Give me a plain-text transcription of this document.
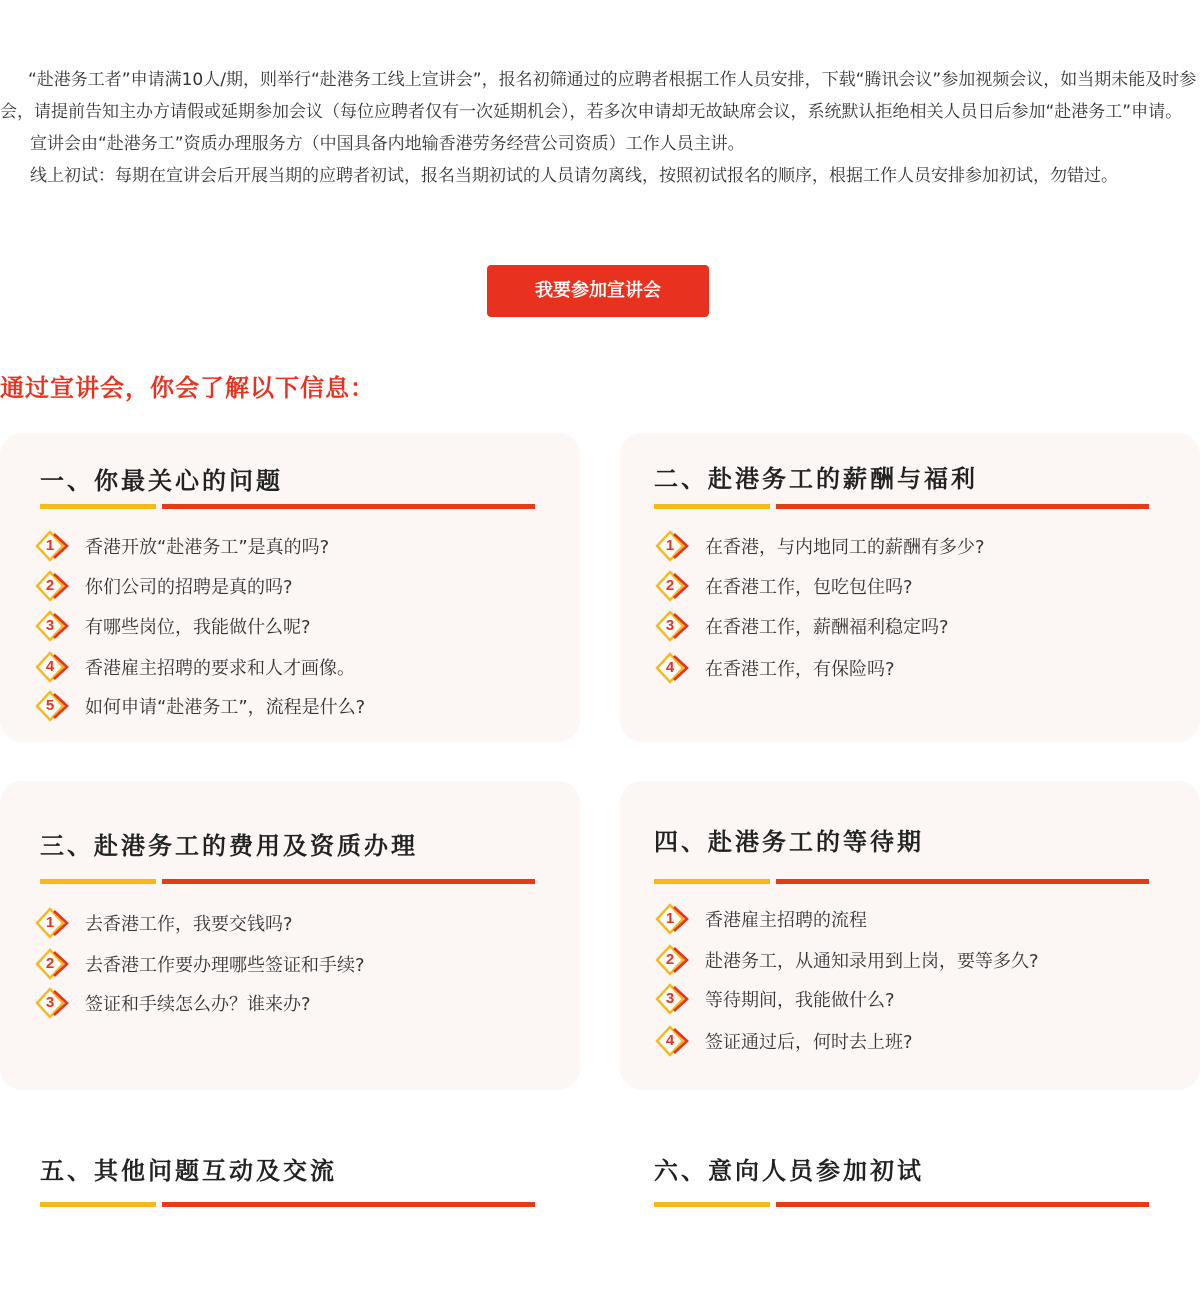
“赴港务工者”申请满10人/期，则举行“赴港务工线上宣讲会”，报名初筛通过的应聘者根据工作人员安排，下载“腾讯会议”参加视频会议，如当期未能及时参会，请提前告知主办方请假或延期参加会议（每位应聘者仅有一次延期机会），若多次申请却无故缺席会议，系统默认拒绝相关人员日后参加“赴港务工”申请。

宣讲会由“赴港务工”资质办理服务方（中国具备内地输香港劳务经营公司资质）工作人员主讲。

线上初试：每期在宣讲会后开展当期的应聘者初试，报名当期初试的人员请勿离线，按照初试报名的顺序，根据工作人员安排参加初试，勿错过。

我要参加宣讲会
通过宣讲会，你会了解以下信息：
一、你最关心的问题
1	香港开放“赴港务工”是真的吗?
2	你们公司的招聘是真的吗?
3	有哪些岗位，我能做什么呢?
4	香港雇主招聘的要求和人才画像。
5	如何申请“赴港务工”，流程是什么?
二、赴港务工的薪酬与福利
1	在香港，与内地同工的薪酬有多少?
2	在香港工作，包吃包住吗?
3	在香港工作，薪酬福利稳定吗?
4	在香港工作，有保险吗?
三、赴港务工的费用及资质办理
1	去香港工作，我要交钱吗?
2	去香港工作要办理哪些签证和手续?
3	签证和手续怎么办？谁来办?
四、赴港务工的等待期
1	香港雇主招聘的流程
2	赴港务工，从通知录用到上岗，要等多久?
3	等待期间，我能做什么?
4	签证通过后，何时去上班?
五、其他问题互动及交流	六、意向人员参加初试
